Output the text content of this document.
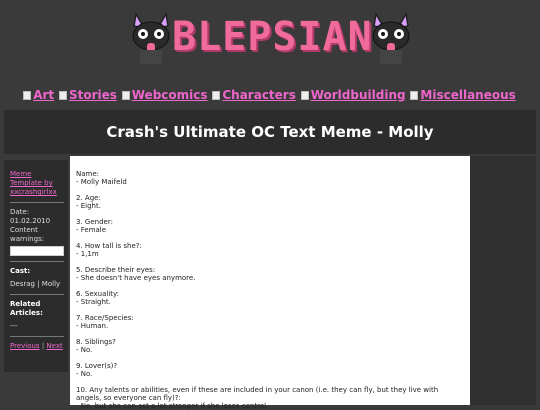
BLEPSIAN
Art Stories Webcomics Characters Worldbuilding Miscellaneous
Crash's Ultimate OC Text Meme - Molly
Meme Template by xxcrashgirlxx
Date:
01.02.2010
Content warnings:
Cast:
Desrag | Molly
Related Articles:
---
Previous | Next
Name:
- Molly Maifeld
2. Age:
- Eight.
3. Gender:
- Female
4. How tall is she?:
- 1,1m
5. Describe their eyes:
- She doesn't have eyes anymore.
6. Sexuality:
- Straight.
7. Race/Species:
- Human.
8. Siblings?
- No.
9. Lover(s)?
- No.
10. Any talents or abilities, even if these are included in your canon (i.e. they can fly, but they live with angels, so everyone can fly)?:
- No, but she can act a lot stronger if she loses control.
